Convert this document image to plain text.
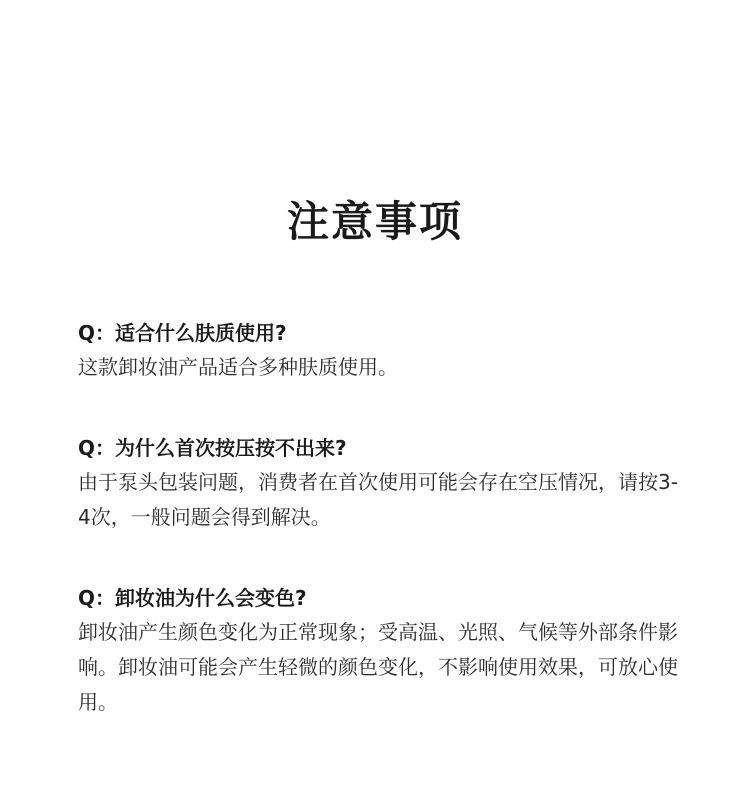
注意事项
Q：适合什么肤质使用?
这款卸妆油产品适合多种肤质使用。
Q：为什么首次按压按不出来?
由于泵头包装问题，消费者在首次使用可能会存在空压情况，请按3-4次，一般问题会得到解决。
Q：卸妆油为什么会变色?
卸妆油产生颜色变化为正常现象；受高温、光照、气候等外部条件影响。卸妆油可能会产生轻微的颜色变化，不影响使用效果，可放心使用。
